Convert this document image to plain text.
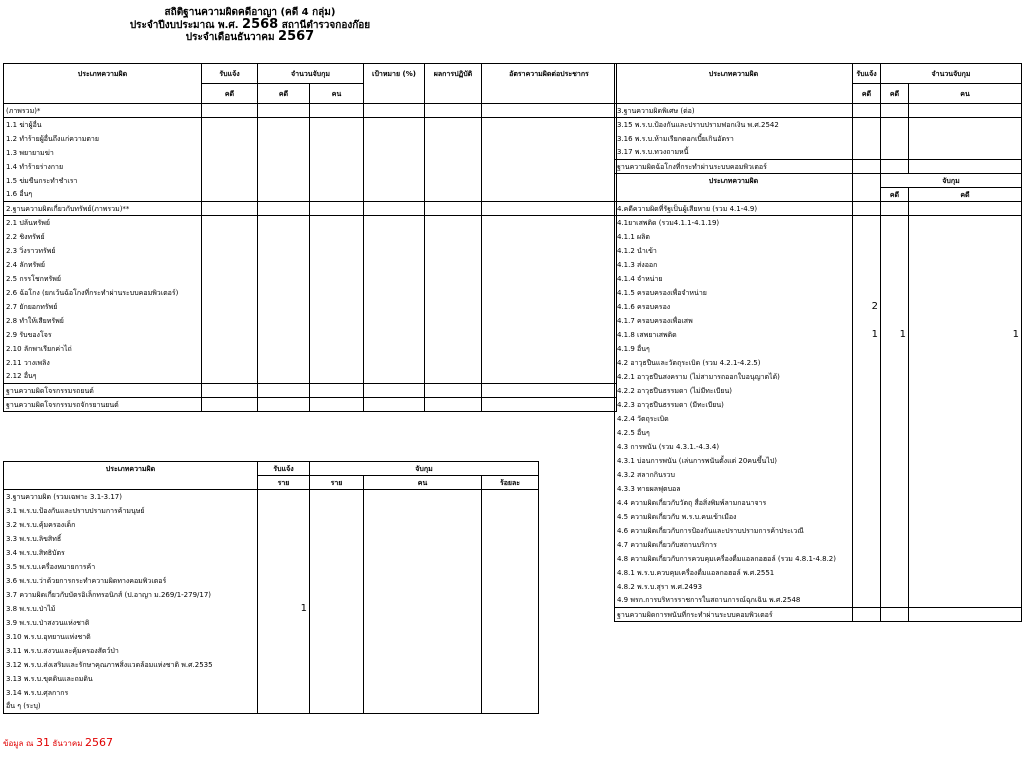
สถิติฐานความผิดคดีอาญา (คดี 4 กลุ่ม)
ประจำปีงบประมาณ พ.ศ. 2568 สถานีตำรวจกองก๊อย
ประจำเดือนธันวาคม 2567
ประเภทความผิด	รับแจ้ง	จำนวนจับกุม		เป้าหมาย (%)	ผลการปฏิบัติ	อัตราความผิดต่อประชากร
	คดี	คดี	คน			
(ภาพรวม)*						
1.1 ฆ่าผู้อื่น						
1.2 ทำร้ายผู้อื่นถึงแก่ความตาย						
1.3 พยายามฆ่า						
1.4 ทำร้ายร่างกาย						
1.5 ข่มขืนกระทำชำเรา						
1.6 อื่นๆ						
2.ฐานความผิดเกี่ยวกับทรัพย์(ภาพรวม)**						
2.1 ปล้นทรัพย์						
2.2 ชิงทรัพย์						
2.3 วิ่งราวทรัพย์						
2.4 ลักทรัพย์						
2.5 กรรโชกทรัพย์						
2.6 ฉ้อโกง (ยกเว้นฉ้อโกงที่กระทำผ่านระบบคอมพิวเตอร์)						
2.7 ยักยอกทรัพย์						
2.8 ทำให้เสียทรัพย์						
2.9 รับของโจร						
2.10 ลักพาเรียกค่าไถ่						
2.11 วางเพลิง						
2.12 อื่นๆ						
ฐานความผิดโจรกรรมรถยนต์						
ฐานความผิดโจรกรรมรถจักรยานยนต์						
ประเภทความผิด	รับแจ้ง	จับกุม		
	ราย	ราย	คน	ร้อยละ
3.ฐานความผิด (รวมเฉพาะ 3.1-3.17)				
3.1 พ.ร.บ.ป้องกันและปราบปรามการค้ามนุษย์				
3.2 พ.ร.บ.คุ้มครองเด็ก				
3.3 พ.ร.บ.ลิขสิทธิ์				
3.4 พ.ร.บ.สิทธิบัตร				
3.5 พ.ร.บ.เครื่องหมายการค้า				
3.6 พ.ร.บ.ว่าด้วยการกระทำความผิดทางคอมพิวเตอร์				
3.7 ความผิดเกี่ยวกับบัตรอิเล็กทรอนิกส์ (ป.อาญา ม.269/1-279/17)				
3.8 พ.ร.บ.ป่าไม้	1			
3.9 พ.ร.บ.ป่าสงวนแห่งชาติ				
3.10 พ.ร.บ.อุทยานแห่งชาติ				
3.11 พ.ร.บ.สงวนและคุ้มครองสัตว์ป่า				
3.12 พ.ร.บ.ส่งเสริมและรักษาคุณภาพสิ่งแวดล้อมแห่งชาติ พ.ศ.2535				
3.13 พ.ร.บ.ขุดดินและถมดิน				
3.14 พ.ร.บ.ศุลกากร				
อื่น ๆ (ระบุ)				
ประเภทความผิด	รับแจ้ง	จำนวนจับกุม	
	คดี	คดี	คน
3.ฐานความผิดพิเศษ (ต่อ)			
3.15 พ.ร.บ.ป้องกันและปราบปรามฟอกเงิน พ.ศ.2542			
3.16 พ.ร.บ.ห้ามเรียกดอกเบี้ยเกินอัตรา			
3.17 พ.ร.บ.ทวงถามหนี้			
ฐานความผิดฉ้อโกงที่กระทำผ่านระบบคอมพิวเตอร์			
ประเภทความผิด		จับกุม	
		คดี	คดี
4.คดีความผิดที่รัฐเป็นผู้เสียหาย (รวม 4.1-4.9)			
4.1ยาเสพติด (รวม4.1.1-4.1.19)			
4.1.1 ผลิต			
4.1.2 นำเข้า			
4.1.3 ส่งออก			
4.1.4 จำหน่าย			
4.1.5 ครอบครองเพื่อจำหน่าย			
4.1.6 ครอบครอง	2		
4.1.7 ครอบครองเพื่อเสพ			
4.1.8 เสพยาเสพติด	1	1	1
4.1.9 อื่นๆ			
4.2 อาวุธปืนและวัตถุระเบิด (รวม 4.2.1-4.2.5)			
4.2.1 อาวุธปืนสงคราม (ไม่สามารถออกใบอนุญาตได้)			
4.2.2 อาวุธปืนธรรมดา (ไม่มีทะเบียน)			
4.2.3 อาวุธปืนธรรมดา (มีทะเบียน)			
4.2.4 วัตถุระเบิด			
4.2.5 อื่นๆ			
4.3 การพนัน (รวม 4.3.1.-4.3.4)			
4.3.1 บ่อนการพนัน (เล่นการพนันตั้งแต่ 20คนขึ้นไป)			
4.3.2 สลากกินรวบ			
4.3.3 ทายผลฟุตบอล			
4.4 ความผิดเกี่ยวกับวัตถุ สื่อสิ่งพิมพ์ลามกอนาจาร			
4.5 ความผิดเกี่ยวกับ พ.ร.บ.คนเข้าเมือง			
4.6 ความผิดเกี่ยวกับการป้องกันและปราบปรามการค้าประเวณี			
4.7 ความผิดเกี่ยวกับสถานบริการ			
4.8 ความผิดเกี่ยวกับการควบคุมเครื่องดื่มแอลกอฮอล์ (รวม 4.8.1-4.8.2)			
4.8.1 พ.ร.บ.ควบคุมเครื่องดื่มแอลกอฮอล์ พ.ศ.2551			
4.8.2 พ.ร.บ.สุรา พ.ศ.2493			
4.9 พรก.การบริหารราชการในสถานการณ์ฉุกเฉิน พ.ศ.2548			
ฐานความผิดการพนันที่กระทำผ่านระบบคอมพิวเตอร์			
ข้อมูล ณ 31 ธันวาคม 2567
